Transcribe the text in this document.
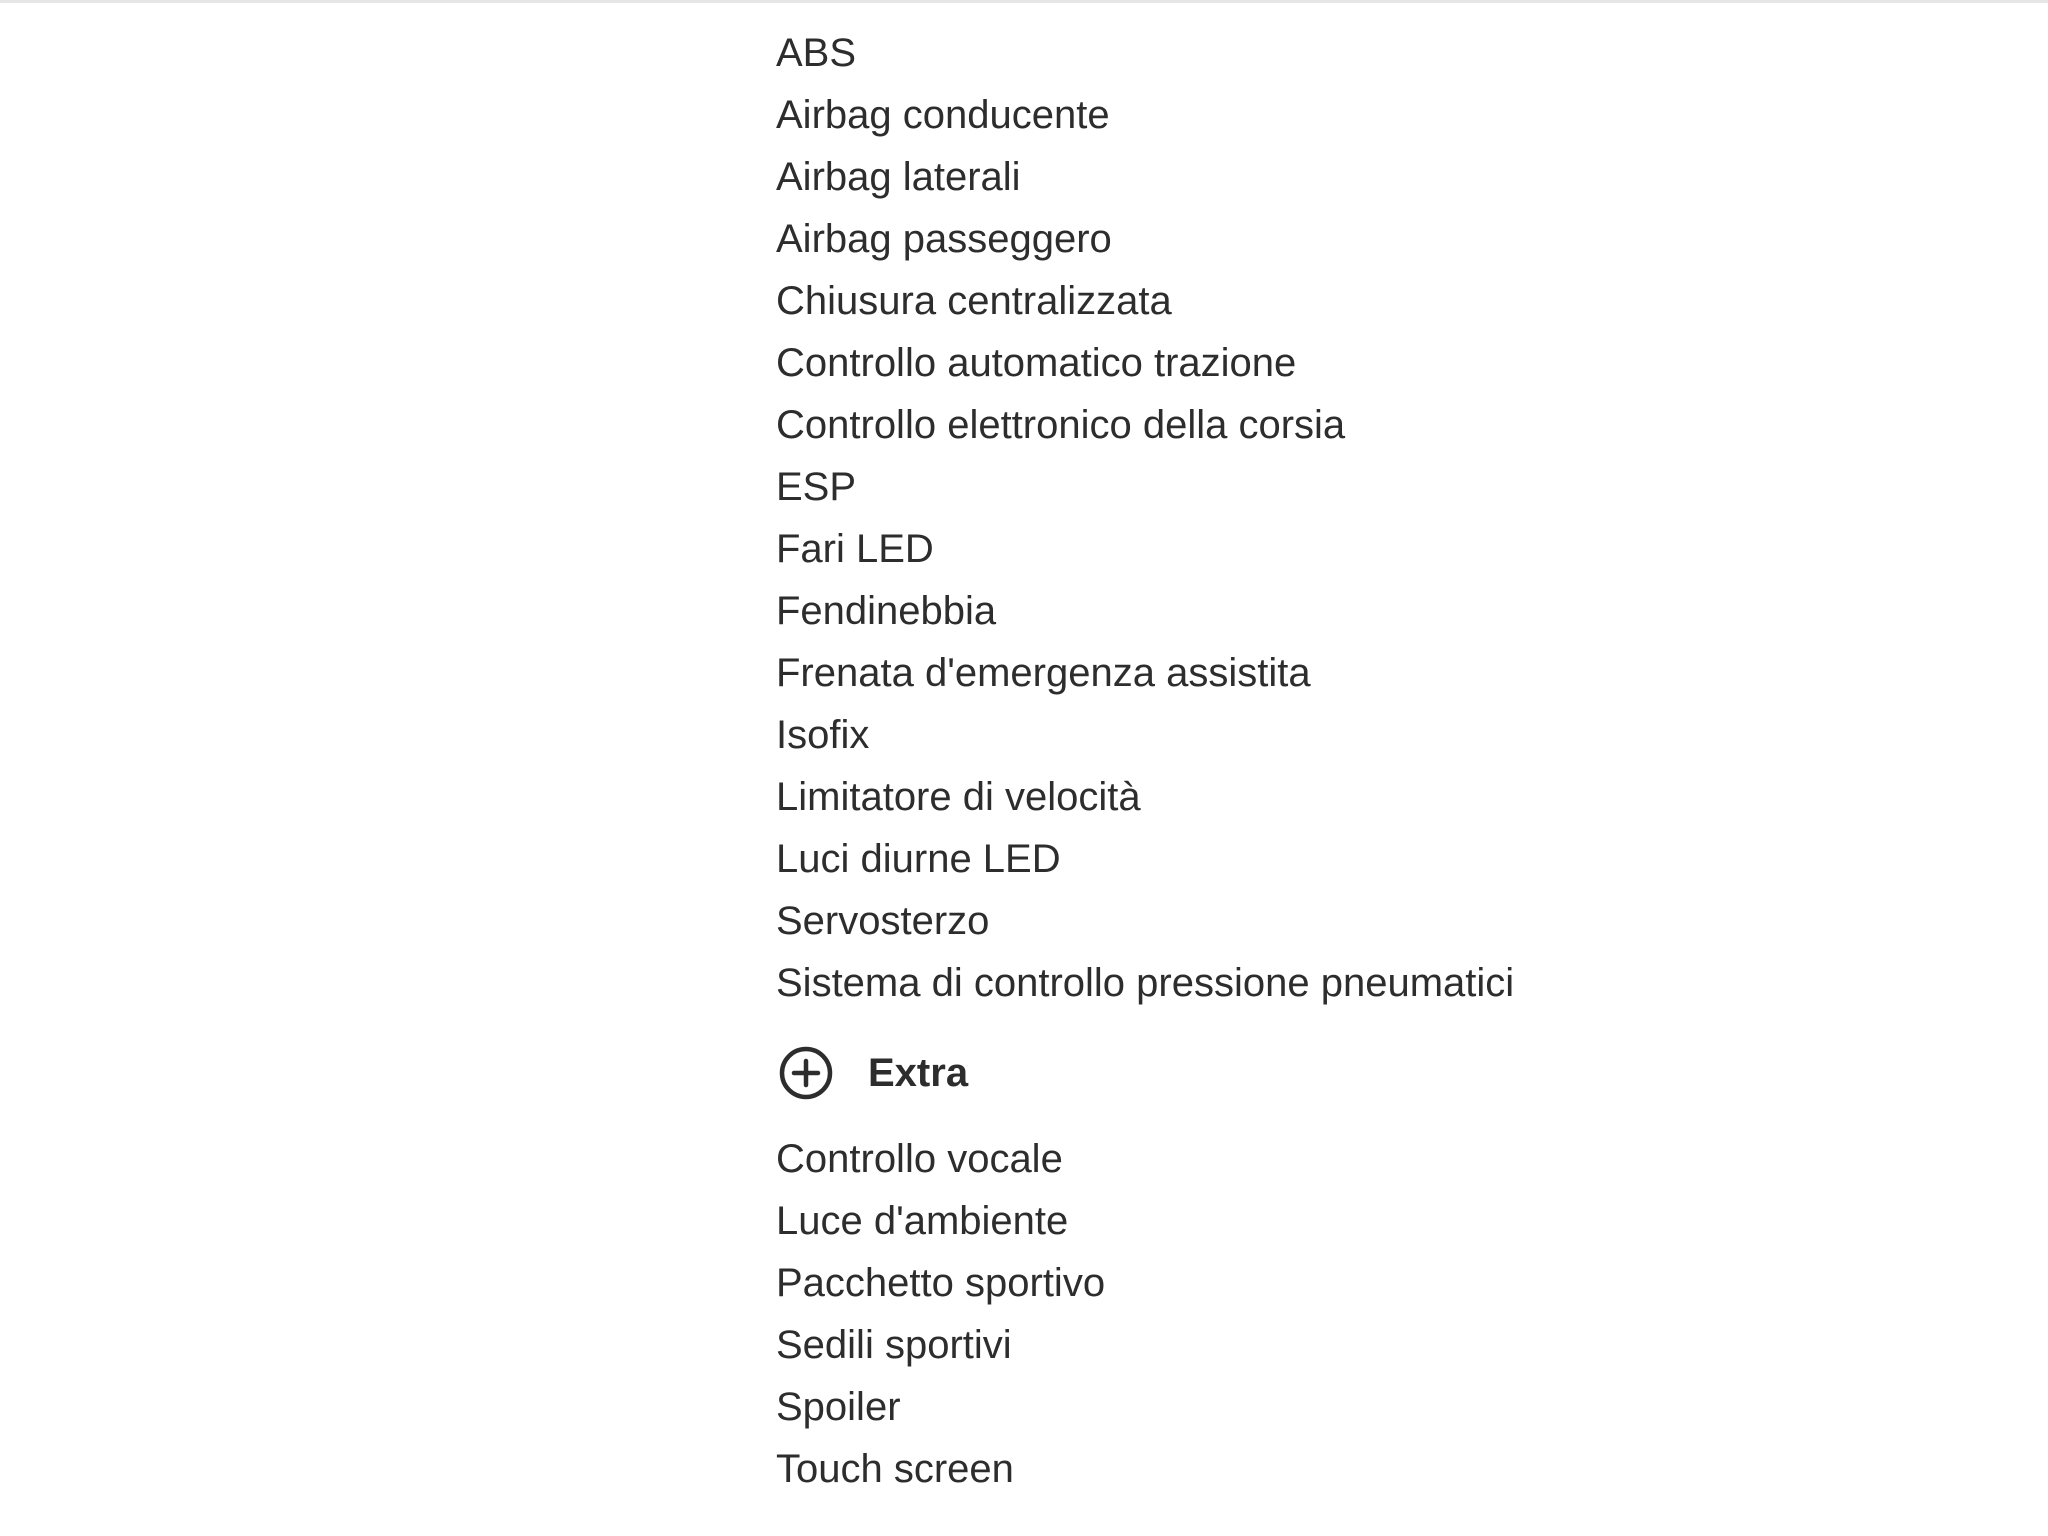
ABS
Airbag conducente
Airbag laterali
Airbag passeggero
Chiusura centralizzata
Controllo automatico trazione
Controllo elettronico della corsia
ESP
Fari LED
Fendinebbia
Frenata d'emergenza assistita
Isofix
Limitatore di velocità
Luci diurne LED
Servosterzo
Sistema di controllo pressione pneumatici
Extra
Controllo vocale
Luce d'ambiente
Pacchetto sportivo
Sedili sportivi
Spoiler
Touch screen
